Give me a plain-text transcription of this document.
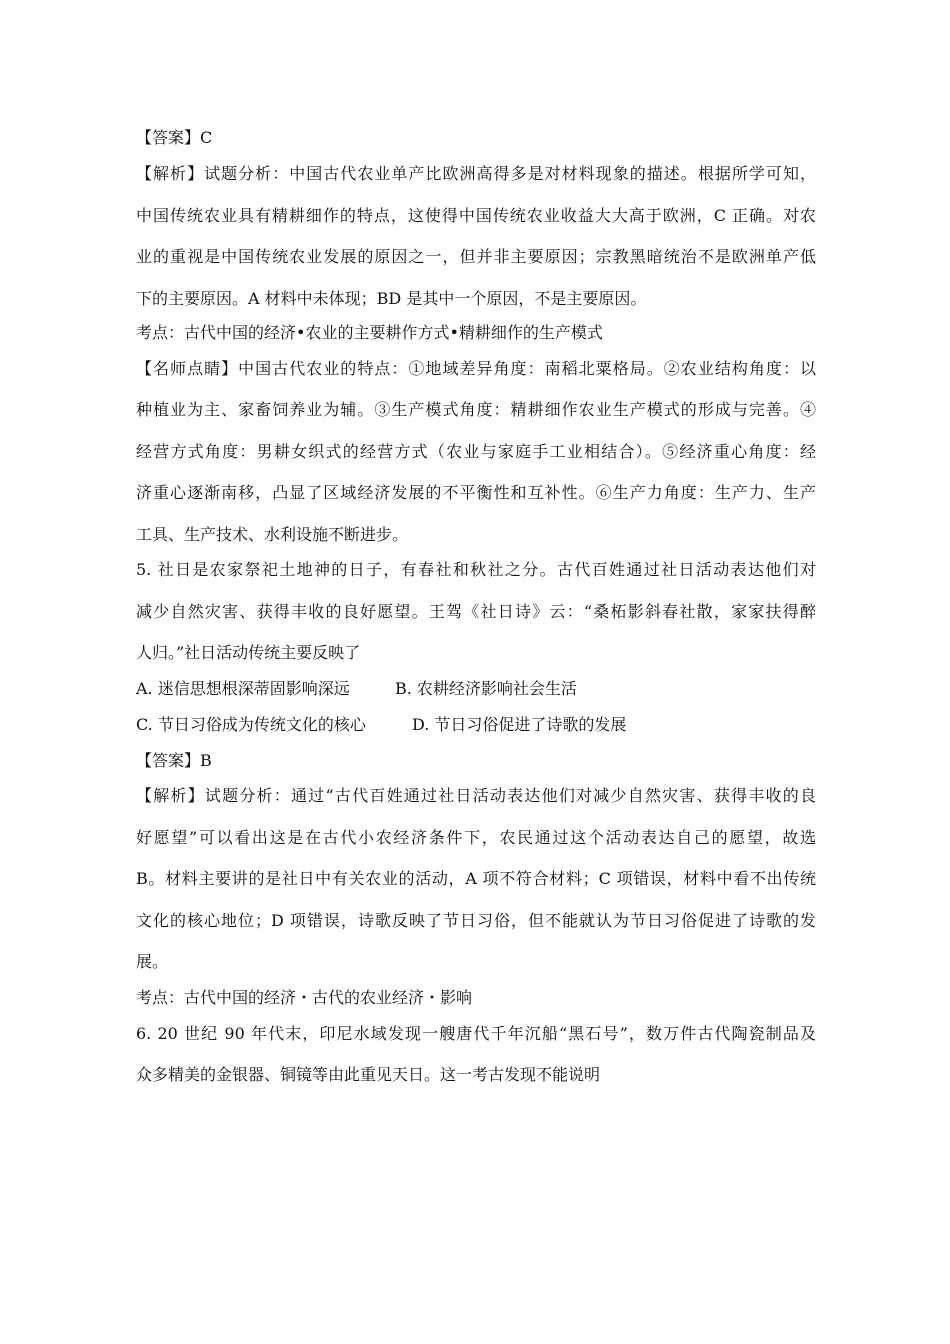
【答案】C
【解析】试题分析：中国古代农业单产比欧洲高得多是对材料现象的描述。根据所学可知，
中国传统农业具有精耕细作的特点，这使得中国传统农业收益大大高于欧洲，C 正确。对农
业的重视是中国传统农业发展的原因之一，但并非主要原因；宗教黑暗统治不是欧洲单产低
下的主要原因。A 材料中未体现；BD 是其中一个原因，不是主要原因。
考点：古代中国的经济•农业的主要耕作方式•精耕细作的生产模式
【名师点睛】中国古代农业的特点：①地域差异角度：南稻北粟格局。②农业结构角度：以
种植业为主、家畜饲养业为辅。③生产模式角度：精耕细作农业生产模式的形成与完善。④
经营方式角度：男耕女织式的经营方式（农业与家庭手工业相结合）。⑤经济重心角度：经
济重心逐渐南移，凸显了区域经济发展的不平衡性和互补性。⑥生产力角度：生产力、生产
工具、生产技术、水利设施不断进步。
5. 社日是农家祭祀土地神的日子，有春社和秋社之分。古代百姓通过社日活动表达他们对
减少自然灾害、获得丰收的良好愿望。王驾《社日诗》云：“桑柘影斜春社散，家家扶得醉
人归。”社日活动传统主要反映了
A. 迷信思想根深蒂固影响深远	B. 农耕经济影响社会生活
C. 节日习俗成为传统文化的核心	D. 节日习俗促进了诗歌的发展
【答案】B
【解析】试题分析：通过“古代百姓通过社日活动表达他们对减少自然灾害、获得丰收的良
好愿望”可以看出这是在古代小农经济条件下，农民通过这个活动表达自己的愿望，故选
B。材料主要讲的是社日中有关农业的活动，A 项不符合材料；C 项错误，材料中看不出传统
文化的核心地位；D 项错误，诗歌反映了节日习俗，但不能就认为节日习俗促进了诗歌的发
展。
考点：古代中国的经济・古代的农业经济・影响
6. 20 世纪 90 年代末，印尼水域发现一艘唐代千年沉船“黑石号”，数万件古代陶瓷制品及
众多精美的金银器、铜镜等由此重见天日。这一考古发现不能说明
